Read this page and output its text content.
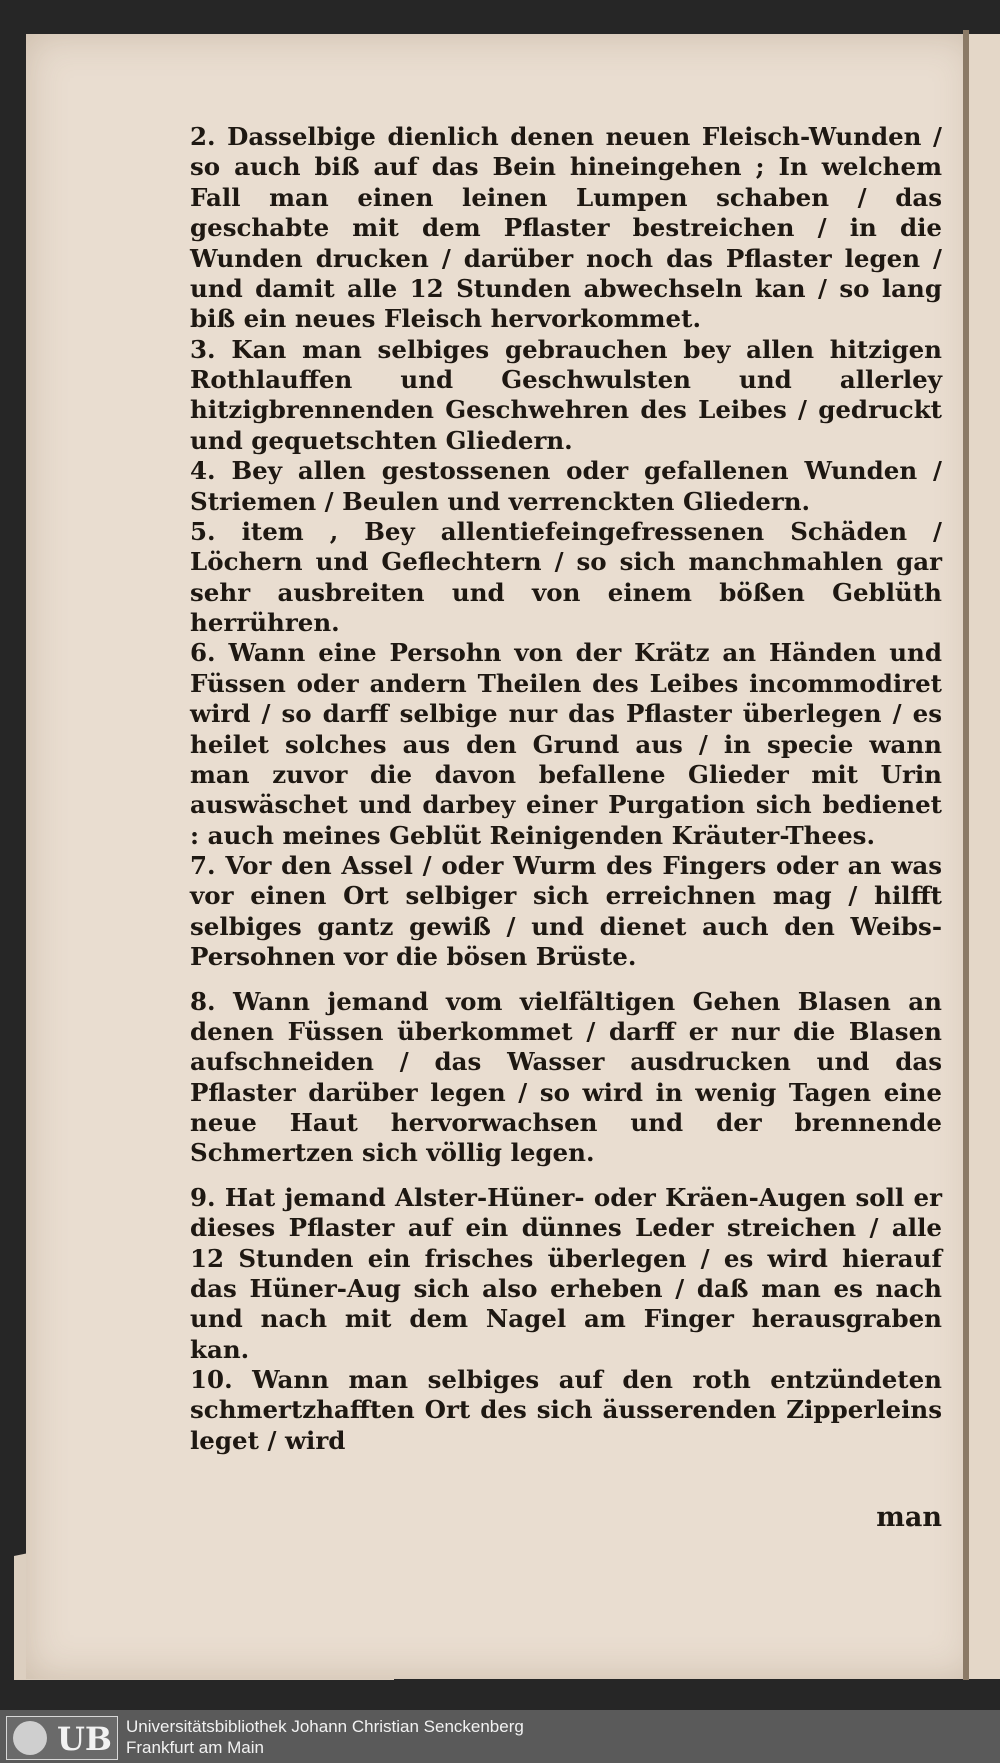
2. Dasselbige dienlich denen neuen Fleisch-Wunden / so auch biß auf das Bein hineingehen ; In welchem Fall man einen leinen Lumpen schaben / das geschabte mit dem Pflaster bestreichen / in die Wunden drucken / darüber noch das Pflaster legen / und damit alle 12 Stunden abwechseln kan / so lang biß ein neues Fleisch hervorkommet.

3. Kan man selbiges gebrauchen bey allen hitzigen Rothlauffen und Geschwulsten und allerley hitzigbrennenden Geschwehren des Leibes / gedruckt und gequetschten Gliedern.

4. Bey allen gestossenen oder gefallenen Wunden / Striemen / Beulen und verrenckten Gliedern.

5. item , Bey allentiefeingefressenen Schäden / Löchern und Geflechtern / so sich manchmahlen gar sehr ausbreiten und von einem bößen Geblüth herrühren.

6. Wann eine Persohn von der Krätz an Händen und Füssen oder andern Theilen des Leibes incommodiret wird / so darff selbige nur das Pflaster überlegen / es heilet solches aus den Grund aus / in specie wann man zuvor die davon befallene Glieder mit Urin auswäschet und darbey einer Purgation sich bedienet : auch meines Geblüt Reinigenden Kräuter-Thees.

7. Vor den Assel / oder Wurm des Fingers oder an was vor einen Ort selbiger sich erreichnen mag / hilfft selbiges gantz gewiß / und dienet auch den Weibs-Persohnen vor die bösen Brüste.

8. Wann jemand vom vielfältigen Gehen Blasen an denen Füssen überkommet / darff er nur die Blasen aufschneiden / das Wasser ausdrucken und das Pflaster darüber legen / so wird in wenig Tagen eine neue Haut hervorwachsen und der brennende Schmertzen sich völlig legen.

9. Hat jemand Alster-Hüner- oder Kräen-Augen soll er dieses Pflaster auf ein dünnes Leder streichen / alle 12 Stunden ein frisches überlegen / es wird hierauf das Hüner-Aug sich also erheben / daß man es nach und nach mit dem Nagel am Finger herausgraben kan.

10. Wann man selbiges auf den roth entzündeten schmertzhafften Ort des sich äusserenden Zipperleins leget / wird

man
UB Universitätsbibliothek Johann Christian Senckenberg
Frankfurt am Main
